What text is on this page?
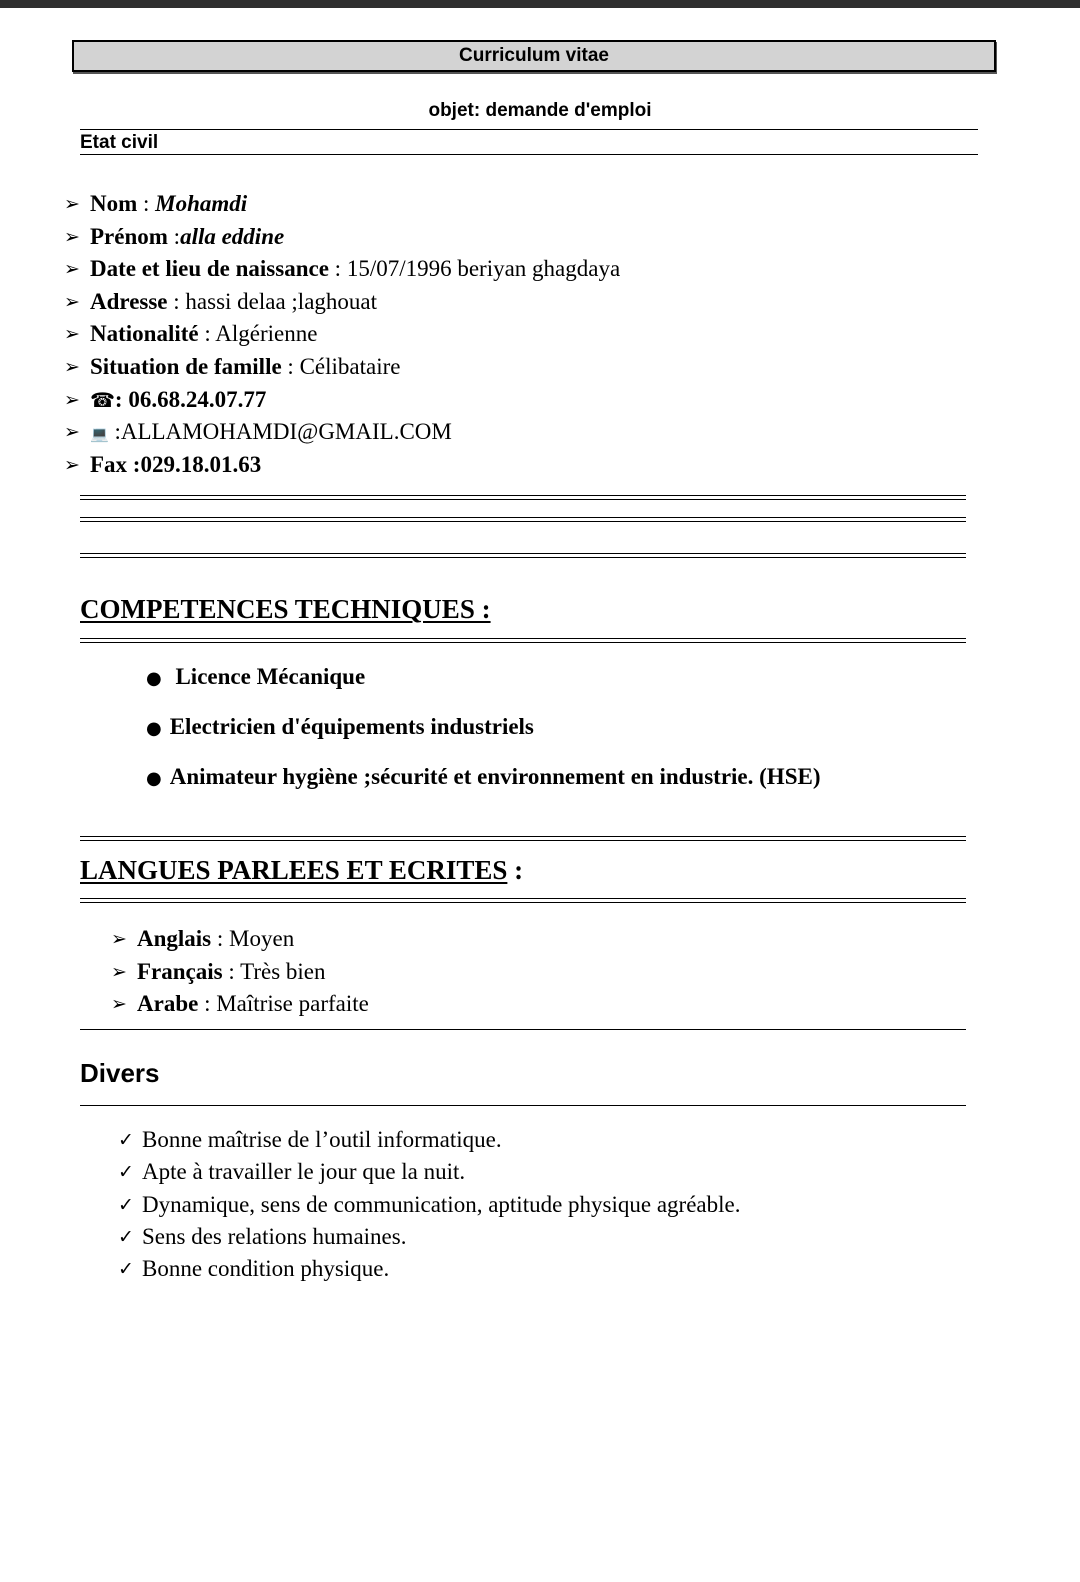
Curriculum vitae
objet: demande d'emploi
Etat civil
➢ Nom : Mohamdi
➢ Prénom :alla eddine
➢ Date et lieu de naissance : 15/07/1996 beriyan ghagdaya
➢ Adresse : hassi delaa ;laghouat
➢ Nationalité : Algérienne
➢ Situation de famille : Célibataire
➢ ☎: 06.68.24.07.77
➢ 💻 :ALLAMOHAMDI@GMAIL.COM
➢ Fax :029.18.01.63
COMPETENCES TECHNIQUES :
● Licence Mécanique
● Electricien d'équipements industriels
● Animateur hygiène ;sécurité et environnement en industrie. (HSE)
LANGUES PARLEES ET ECRITES :
➢ Anglais : Moyen
➢ Français : Très bien
➢ Arabe : Maîtrise parfaite
Divers
✓ Bonne maîtrise de l’outil informatique.
✓ Apte à travailler le jour que la nuit.
✓ Dynamique, sens de communication, aptitude physique agréable.
✓ Sens des relations humaines.
✓ Bonne condition physique.
